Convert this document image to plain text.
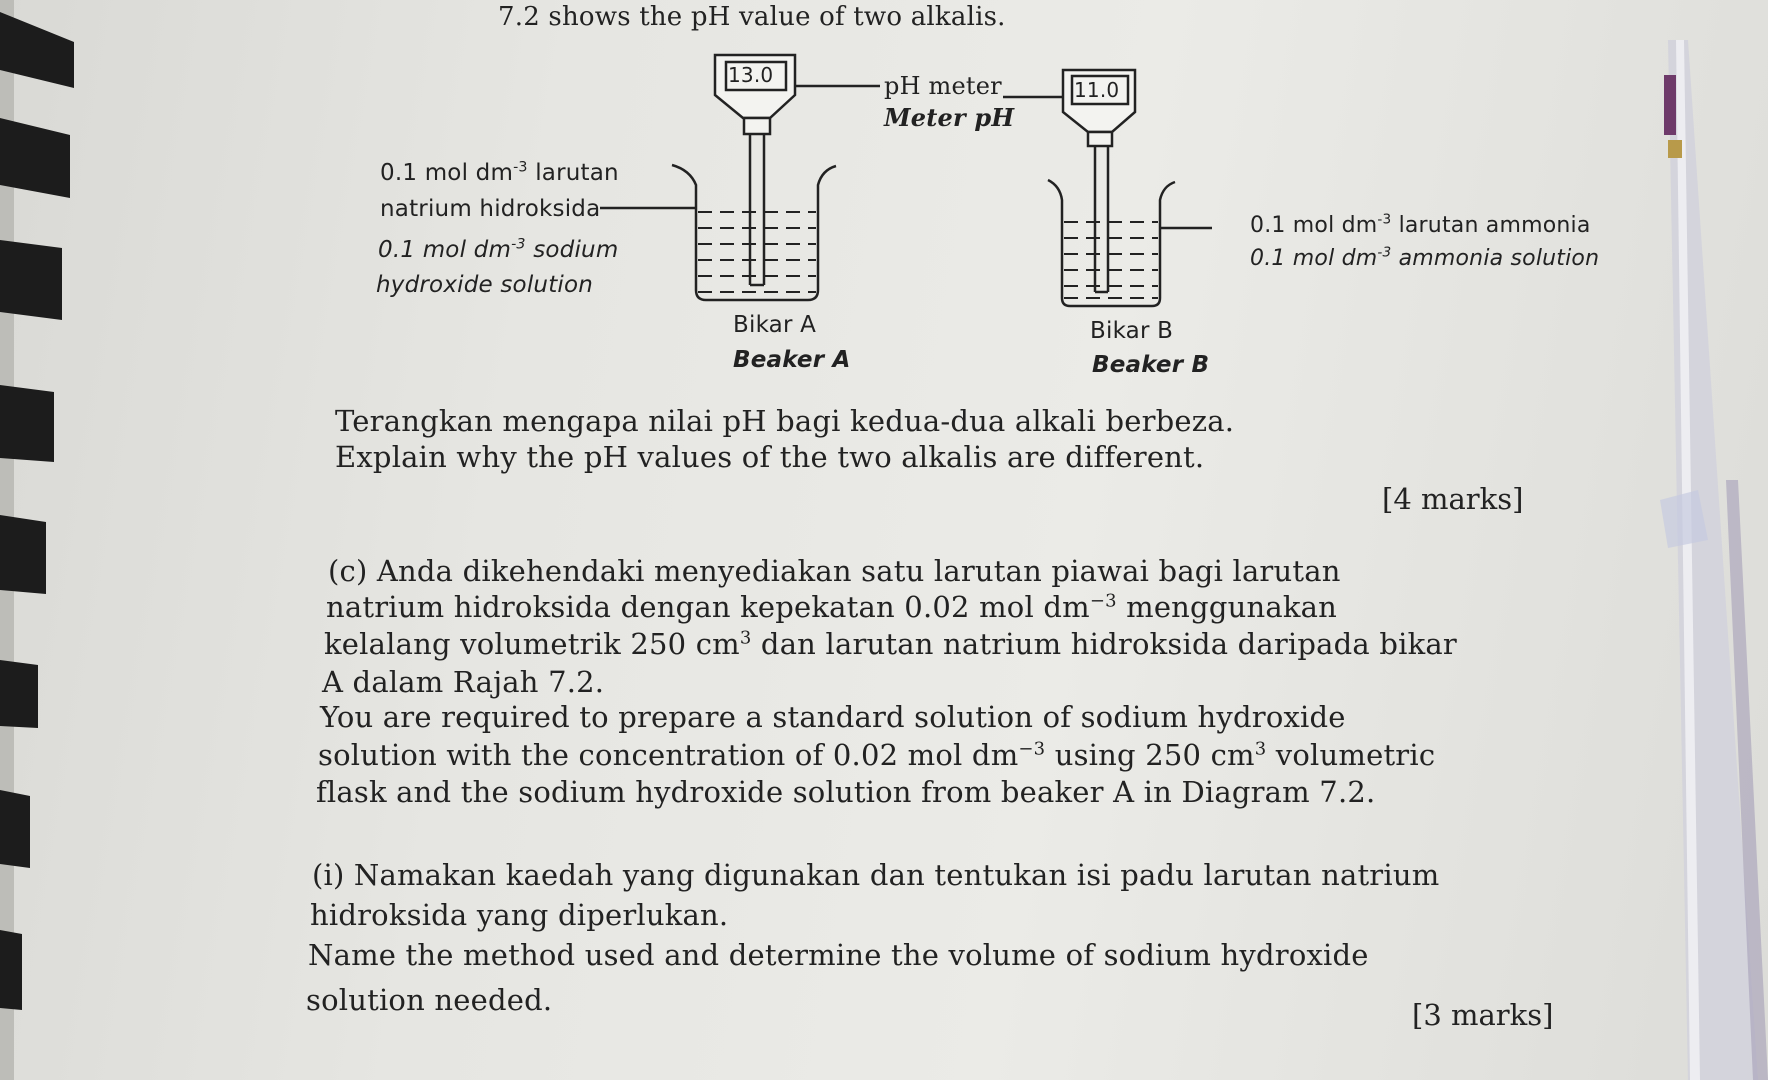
7.2 shows the pH value of two alkalis.
13.0
11.0
pH meter
Meter pH
0.1 mol $dm^{-3}$ larutan
natrium hidroksida
0.1 mol $dm^{-3}$ sodium
hydroxide solution
0.1 mol $dm^{-3}$ larutan ammonia
0.1 mol $dm^{-3}$ ammonia solution
Bikar A
Beaker A
Bikar B
Beaker B
Terangkan mengapa nilai pH bagi kedua-dua alkali berbeza.
Explain why the pH values of the two alkalis are different.
[4 marks]
(c) Anda dikehendaki menyediakan satu larutan piawai bagi larutan
natrium hidroksida dengan kepekatan 0.02 mol $dm^{-3}$ menggunakan
kelalang volumetrik 250 $cm^3$ dan larutan natrium hidroksida daripada bikar
A dalam Rajah 7.2.
You are required to prepare a standard solution of sodium hydroxide
solution with the concentration of 0.02 mol $dm^{-3}$ using 250 $cm^3$ volumetric
flask and the sodium hydroxide solution from beaker A in Diagram 7.2.
(i) Namakan kaedah yang digunakan dan tentukan isi padu larutan natrium
hidroksida yang diperlukan.
Name the method used and determine the volume of sodium hydroxide
solution needed.	[3 marks]
